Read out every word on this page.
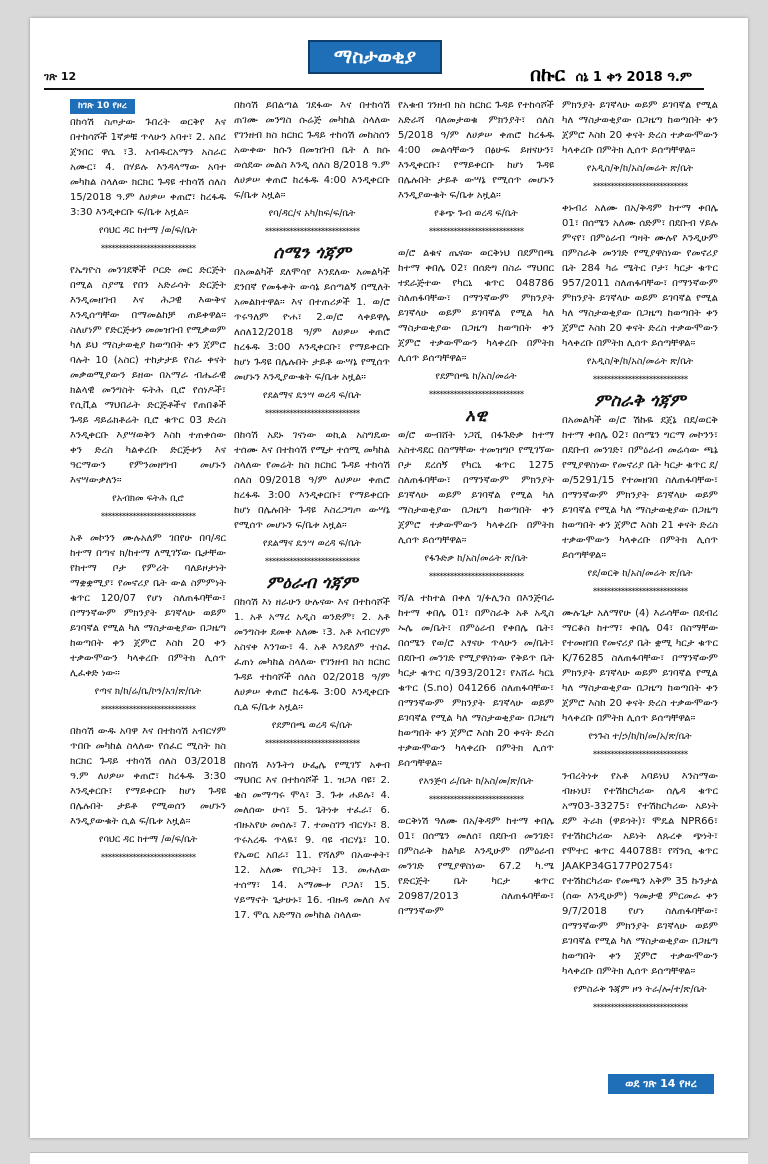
ገጽ 12
ማስታወቂያ
በኩር ሰኔ 1 ቀን 2018 ዓ.ም
ከገጽ 10 የዞረ

በከሳሽ ስጦታው ጉበረት ወርቅየ እና በተከሳሾች 1ኛዎቹ ጥላሁን አባተ፣ 2. አበረ ጀንበር ዋሴ ፣3. አብዱርአማን አስራር አሙር፣ 4. በሃይሉ እንዳላማው አባተ መካከል ስላለው ክርክር ጉዳዩ ተከሳሽ ሰለስ 15/2018 ዓ.ም ለሀዎሠ ቀጠሮ፣ ከረፋዱ 3:30 እንዲቀርቡ ፍ/ቤቱ አዟል።

የባህር ዳር ከተማ /ወ/ፍ/ቤት
***************************

የኤግዮስ መንገደኞች ቦርድ መር ድርጅት በሚል ስያሜ የበን አድራሳት ድርጅት እንዲመዘገብ እና ሕጋዊ እውቅና እንዲሰጣቸው በማመልከቻ ጠይቀዋል። ስለሆነም የድርጅቱን መመዝገብ የሚቃወም ካለ ይህ ማስታወቂያ ከወጣበት ቀን ጀምሮ ባሉት 10 (አስር) ተከታታይ የስራ ቀናት መቃወሚያውን ይዘው በአማራ ብሔራዊ ክልላዊ መንግስት ፍትሕ ቢሮ የሰነዶች፣ የሲቪል ማህበራት ድርጅቶችና የጠበቆች ጉዳይ ዳይሬክቶሬት ቢሮ ቁጥር 03 ድረስ እንዲቀርቡ እያሣወቅን እስከ ተጠቀሰው ቀን ድረስ ካልቀረቡ ድርጅቱን እና ዓርማውን የምንመዘግብ መሆኑን እናሣውቃለን።

የአብክመ ፍትሕ ቢሮ
***************************

አቶ መኮንን ሙሉአለም ገበየሁ በባ/ዳር ከተማ በጣና ክ/ከተማ ለሚገኘው ቤታቸው የከተማ ቦታ የምሪት ባለይዞታነት ማቋቋሚያ፣ የመኖሪያ ቤት ውል ስምምነት ቁጥር 120/07 የሆነ ስለጠፋባቸው፣ በማንኛውም ምክንያት ይገኛላሁ ወይም ይገባኛል የሚል ካለ ማስታወቂያው በጋዜጣ ከወጣበት ቀን ጀምሮ እስከ 20 ቀን ተቃውሞውን ካላቀረቡ በምትክ ሊሰጥ ሊፈቀድ ነው።

የጣና ክ/ከ/ሬ/ቤ/ኮን/አገ/ጽ/ቤት
***************************

በከሳሽ ውዱ አባዋ እና በተከሳሽ አብርሃም ጥበቡ መካከል ስላለው የሰፈር ሚስት ክስ ክርክር ጉዳይ ተከሳሽ ሰለስ 03/2018 ዓ.ም ለሀዎሠ ቀጠሮ፣ ከረፋዱ 3:30 እንዲቀርቡ፣ የማይቀርቡ ከሆነ ጉዳዩ በሌሉበት ታይቶ የሚወሰን መሆኑን እንዲያውቁት ሲል ፍ/ቤቱ አዟል።

የባህር ዳር ከተማ /ወ/ፍ/ቤት
***************************

በከሳሽ ይበልጣል ገደፋው እና በተከሳሽ ጠገሙ መንግስ ሱሬጅ መካከል ስላለው የገንዘብ ክስ ክርክር ጉዳይ ተከሳሽ መከስሰን አውቀው ክሱን በመዝገብ ቤት ለ ክሱ ወሰደው መልስ እንዲ ሰለስ 8/2018 ዓ.ም ለሀዎሠ ቀጠሮ ከረፋዱ 4:00 እንዲቀርቡ ፍ/ቤቱ አዟል።

የባ/ዳር/ና አካ/ከፍ/ፍ/ቤት
***************************
ሰሜን ጎጃም

በአመልካች ደለሞሳየ እንደለው አመልካች ደንበኛ የመፋቀት ውሳኔ ይሰጣልኝ በሚለት አመልክተዋል። እና በተጠሪዎች 1. ወ/ሮ ጥሩዓለም ዮሐ፣ 2.ወ/ሮ ላቀይዋሌ ለሰለ12/2018 ዓ/ም ለሀዎሠ ቀጠሮ ከረፋዱ 3:00 እንዲቀርቡ፣ የማይቀርቡ ከሆነ ጉዳዩ በሌሉበት ታይቶ ውሣኔ የሚሰጥ መሆኑን እንዲያውቁት ፍ/ቤቱ አዟል።

የደልማና ዴንሣ ወረዳ ፍ/ቤት
***************************

በከሳሽ አደኑ ገናነው ወኪል አስግዴው ተሰሙ እና በተከሳሽ የሚታ ተሰሚ መካከል ስላለው የመሬት ክስ ክርክር ጉዳይ ተከሳሽ ሰለስ 09/2018 ዓ/ም ለሀዎሠ ቀጠሮ ከረፋዱ 3:00 እንዲቀርቡ፣ የማይቀርቡ ከሆነ በሌሉበት ጉዳዩ እስረጋግጦ ውሣኔ የሚሰጥ መሆኑን ፍ/ቤቱ አዟል።

የደልማና ዴንሣ ወረዳ ፍ/ቤት
***************************
ምዕራብ ጎጃም

በከሳሽ እነ ዘራሁን ሁሉናው እና በተከሳሾች 1. አቶ አማረ አዲስ ወንድም፣ 2. አቶ መንግስቱ ደመቀ አለሙ ፣3. አቶ አብርሃም አስናቀ እንገው፣ 4. አቶ እንደለም ተስፈ ፈጠነ መካከል ስላለው የገንዘብ ክስ ክርክር ጉዳይ ተከሳሾች ሰለስ 02/2018 ዓ/ም ለሀዎሠ ቀጠሮ ከረፋዱ 3:00 እንዲቀርቡ ሲል ፍ/ቤቱ አዟል።

የደምበጫ ወረዳ ፍ/ቤት
***************************

በከሳሽ እነጉትጎ ሁፌሌ የሚገኘ አቀብ ማህበር እና በተከሳሾች 1. ዝጋለ ባዩ፣ 2. ቄስ መማጣሩ ሞላ፣ 3. ጉቱ ሐይሉ፣ 4. መለሰው ሁሳ፣ 5. ጌትነቱ ተፈራ፣ 6. ብዙአየሁ መሰሉ፣ 7. ተመስገን ብርሃኑ፣ 8. ጥሩአረዱ ጥላዬ፣ 9. ባዩ ብርሃኔ፣ 10. የኤወር አበራ፣ 11. የሻለም በአውቀት፣ 12. አለሙ የቢጋት፣ 13. መሐለው ተሰማ፣ 14. አማሙቱ ቦጋለ፣ 15. ሃይማኖት ጌታሁኑ፣ 16. ብዙዳ መለሰ እና 17. ሞሴ አድማስ መካከል ስላለው

የአቁብ ገንዘብ ክስ ክርክር ጉዳይ የተከሳሾች አድራሻ ባለመታወቁ ምክንያት፣ ሰለስ 5/2018 ዓ/ም ለሀዎሠ ቀጠሮ ከረፋዱ 4:00 መልሳቸውን በፅሁፍ ይዘናሁን፣ እንዲቀርቡ፣ የማይቀርቡ ከሆነ ጉዳዩ በሌሉበት ታይቶ ውሣኔ የሚሰጥ መሆኑን እንዲያውቁት ፍ/ቤቱ አዟል።

የቆጭ ጉብ ወረዳ ፍ/ቤት
***************************

ወ/ሮ ልቁና ጤናው ወርቅነህ በደምበጫ ከተማ ቀበሌ 02፣ በሰድግ በስራ ማህበር ተደራጅተው የካርኒ ቁጥር 048786 ስለጠፋባቸው፣ በማንኛውም ምክንያት ይገኛላሁ ወይም ይገባኛል የሚል ካለ ማስታወቂያው በጋዜጣ ከወጣበት ቀን ጀምሮ ተቃውሞውን ካላቀረቡ በምትክ ሊሰጥ ይሰጣቸዋል።

የደምበጫ ከ/አስ/መሬት
***************************
አዊ

ወ/ሮ ውብሸት ነጋሺ በፋጉድቃ ከተማ አስተዳደር በስማቸው ተመዝግቦ የሚገኘው ቦታ ደረሰኝ የካርኒ ቁጥር 1275 ስለጠፋባቸው፣ በማንኛውም ምክንያት ይገኛላሁ ወይም ይገባኛል የሚል ካለ ማስታወቂያው በጋዜጣ ከወጣበት ቀን ጀምሮ ተቃውሞውን ካላቀረቡ በምትክ ሊሰጥ ይሰጣቸዋል።

የፋጉድቃ ከ/አስ/መሬት ጽ/ቤት
***************************

ሻ/ል ተከተል በቀለ ገ/ፉሊንስ በእንጅባራ ከተማ ቀበሌ 01፣ በምስራቅ አቶ አዲስ ኡሌ መ/ቤት፣ በምዕራብ የቀበሌ ቤት፣ በሰሜን የወ/ሮ አፃናሁ ጥላሁን መ/ቤት፣ በደቡብ መንገድ የሚያዋስነው የቅይጥ ቤት ካርታ ቁጥር ባ/393/2012፣ የአሸራ ካርኒ ቁጥር (S.no) 041266 ስለጠፋባቸው፣ በማንኛውም ምክንያት ይገኛላሁ ወይም ይገባኛል የሚል ካለ ማስታወቂያው በጋዜጣ ከወጣበት ቀን ጀምሮ እስከ 20 ቀናት ድረስ ተቃውሞውን ካላቀረቡ በምትክ ሊሰጥ ይሰጣቸዋል።

የእንጅባ ራ/ቤት ከ/አስ/መ/ጽ/ቤት
***************************

ወርቅነሽ ዓለሙ በአ/ቅዳም ከተማ ቀበሌ 01፣ በሰሜን መለሰ፣ በደቡብ መንገድ፣ በምስራቅ ከልካይ እንዲሁም በምዕራብ መንገድ የሚያዋስነው 67.2 ካ.ሜ የድርጅት ቤት ካርታ ቁጥር 20987/2013 ስለጠፋባቸው፣ በማንኛውም

ምክንያት ይገኛላሁ ወይም ይገባኛል የሚል ካለ ማስታወቂያው በጋዜጣ ከወጣበት ቀን ጀምሮ እስከ 20 ቀናት ድረስ ተቃውሞውን ካላቀረቡ በምትክ ሊሰጥ ይሰጣቸዋል።

የአዲስ/ቅ/ከ/አስ/መሬት ጽ/ቤት
***************************

ቀኑብሪ አለሙ በአ/ቅዳም ከተማ ቀበሌ 01፣ በሰሜን አለሙ ሰድም፣ በደቡብ ሃይሉ ምናየ፣ በምዕራብ ጣዛት ሙሉየ እንዲሁም በምስራቅ መንገድ የሚያዋስነው የመኖሪያ ቤት 284 ካሬ ሜትር ቦታ፣ ካርታ ቁጥር 957/2011 ስለጠፋባቸው፣ በማንኛውም ምክንያት ይገኛላሁ ወይም ይገባኛል የሚል ካለ ማስታወቂያው በጋዜጣ ከወጣበት ቀን ጀምሮ እስከ 20 ቀናት ድረስ ተቃውሞውን ካላቀረቡ በምትክ ሊሰጥ ይሰጣቸዋል።

የአዲስ/ቅ/ከ/አስ/መሬት ጽ/ቤት
***************************
ምስራቅ ጎጃም

በአመልካች ወ/ሮ ሽኩዬ ደጀኔ በደ/ወርቅ ከተማ ቀበሌ 02፣ በሰሜን ግርማ መኮንን፣ በደቡብ መንገድ፣ በምዕራብ መሬሳው ጫኔ የሚያዋስነው የመኖሪያ ቤት ካርታ ቁጥር ደ/ወ/5291/15 የተመዘገበ ስለጠፋባቸው፣ በማንኛውም ምክንያት ይገኛላሁ ወይም ይገባኛል የሚል ካለ ማስታወቂያው በጋዜጣ ከወጣበት ቀን ጀምሮ እስከ 21 ቀናት ድረስ ተቃውሞውን ካላቀረቡ በምትክ ሊሰጥ ይሰጣቸዋል።

የደ/ወርቅ ከ/አስ/መሬት ጽ/ቤት
***************************

ሙሉጌታ አለማየሁ (4) እራሳቸው በደብረ ማርቆስ ከተማ፣ ቀበሌ 04፣ በስማቸው የተመዘገበ የመኖሪያ ቤት ቋሚ ካርታ ቁጥር K/76285 ስለጠፋባቸው፣ በማንኛውም ምክንያት ይገኛላሁ ወይም ይገባኛል የሚል ካለ ማስታወቂያው በጋዜጣ ከወጣበት ቀን ጀምሮ እስከ 20 ቀናት ድረስ ተቃውሞውን ካላቀረቡ በምትክ ሊሰጥ ይሰጣቸዋል።

የንጉስ ተ/ኃ/ከ/ከ/መ/አ/ጽ/ቤት
***************************

ንብረትነቱ የአቶ አባይነህ እንስማው ብዙነህ፣ የተሽከርካሪው ሰሌዳ ቁጥር አማ03-33275፣ የተሽከርካሪው አይነት ደም ትራክ (ዋይጎት)፣ ሞዴል NPR66፣ የተሽከርካሪው አይነት ለጹረቀ ጭነት፣ የሞተር ቁጥር 440788፣ የሻንሲ ቁጥር JAAKP34G177P02754፣ የተሽከርካሪው የመጫን አቅም 35 ኩንታል (ሰው እንዲሁም) ዓመታዊ ምርመራ ቀን 9/7/2018 የሆነ ስለጠፋባቸው፣ በማንኛውም ምክንያት ይገኛላሁ ወይም ይገባኛል የሚል ካለ ማስታወቂያው በጋዜጣ ከወጣበት ቀን ጀምሮ ተቃውሞውን ካላቀረቡ በምትክ ሊሰጥ ይሰጣቸዋል።

የምስራቅ ጉጃም ዞን ትራ/ሎ/ተ/ጽ/ቤት
***************************
ወደ ገጽ 14 የዞረ
